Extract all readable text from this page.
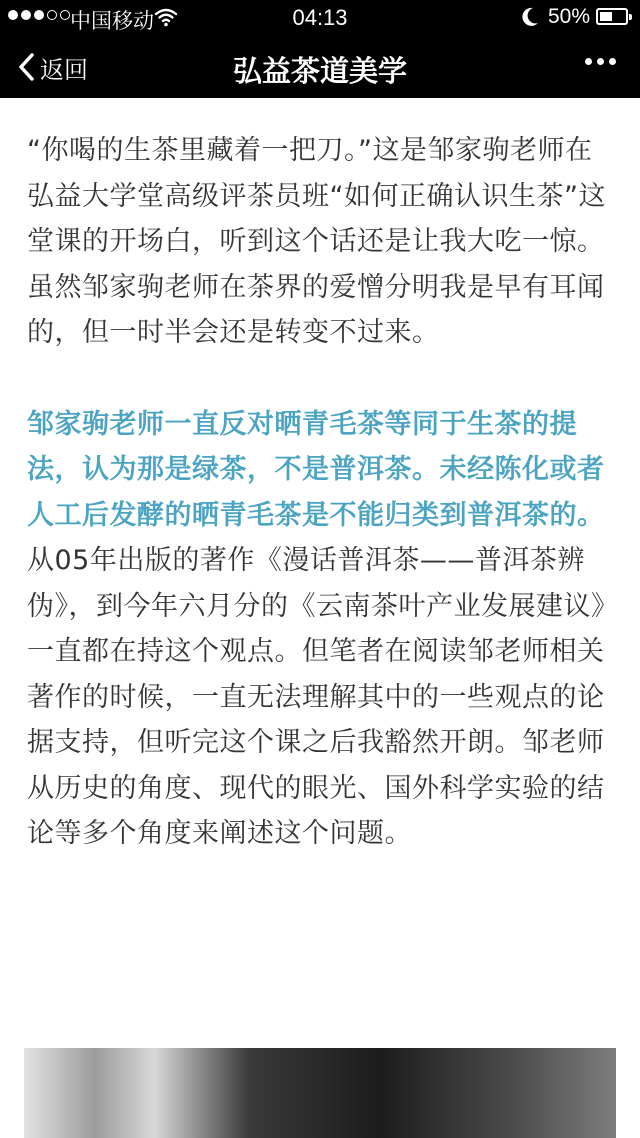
中国移动	04:13	50%
返回	弘益茶道美学

“你喝的生茶里藏着一把刀。”这是邹家驹老师在弘益大学堂高级评茶员班“如何正确认识生茶”这堂课的开场白，听到这个话还是让我大吃一惊。虽然邹家驹老师在茶界的爱憎分明我是早有耳闻的，但一时半会还是转变不过来。

邹家驹老师一直反对晒青毛茶等同于生茶的提法，认为那是绿茶，不是普洱茶。未经陈化或者人工后发酵的晒青毛茶是不能归类到普洱茶的。从05年出版的著作《漫话普洱茶——普洱茶辨伪》，到今年六月分的《云南茶叶产业发展建议》一直都在持这个观点。但笔者在阅读邹老师相关著作的时候，一直无法理解其中的一些观点的论据支持，但听完这个课之后我豁然开朗。邹老师从历史的角度、现代的眼光、国外科学实验的结论等多个角度来阐述这个问题。
